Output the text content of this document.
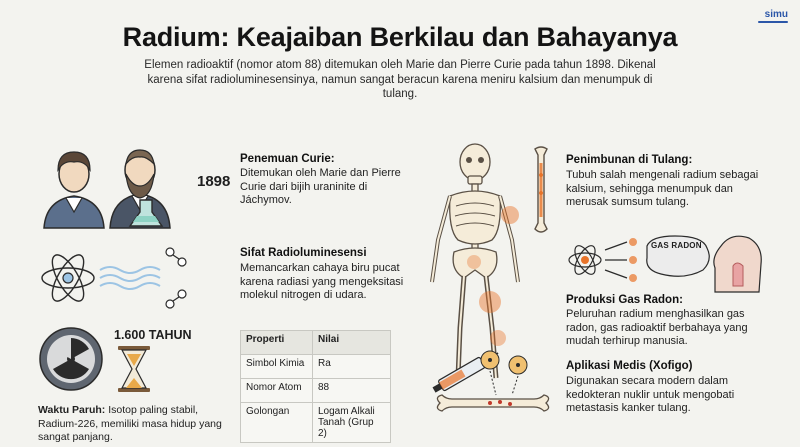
simu
Radium: Keajaiban Berkilau dan Bahayanya
Elemen radioaktif (nomor atom 88) ditemukan oleh Marie dan Pierre Curie pada tahun 1898. Dikenal karena sifat radioluminesensinya, namun sangat beracun karena meniru kalsium dan menumpuk di tulang.
1898
Penemuan Curie:
Ditemukan oleh Marie dan Pierre Curie dari bijih uraninite di Jáchymov.
Sifat Radioluminesensi
Memancarkan cahaya biru pucat karena radiasi yang mengeksitasi molekul nitrogen di udara.
1.600 TAHUN
Waktu Paruh: Isotop paling stabil, Radium-226, memiliki masa hidup yang sangat panjang.
Properti	Nilai
Simbol Kimia	Ra
Nomor Atom	88
Golongan	Logam Alkali Tanah (Grup 2)
Penimbunan di Tulang:
Tubuh salah mengenali radium sebagai kalsium, sehingga menumpuk dan merusak sumsum tulang.
GAS RADON
Produksi Gas Radon:
Peluruhan radium menghasilkan gas radon, gas radioaktif berbahaya yang mudah terhirup manusia.
Aplikasi Medis (Xofigo)
Digunakan secara modern dalam kedokteran nuklir untuk mengobati metastasis kanker tulang.
